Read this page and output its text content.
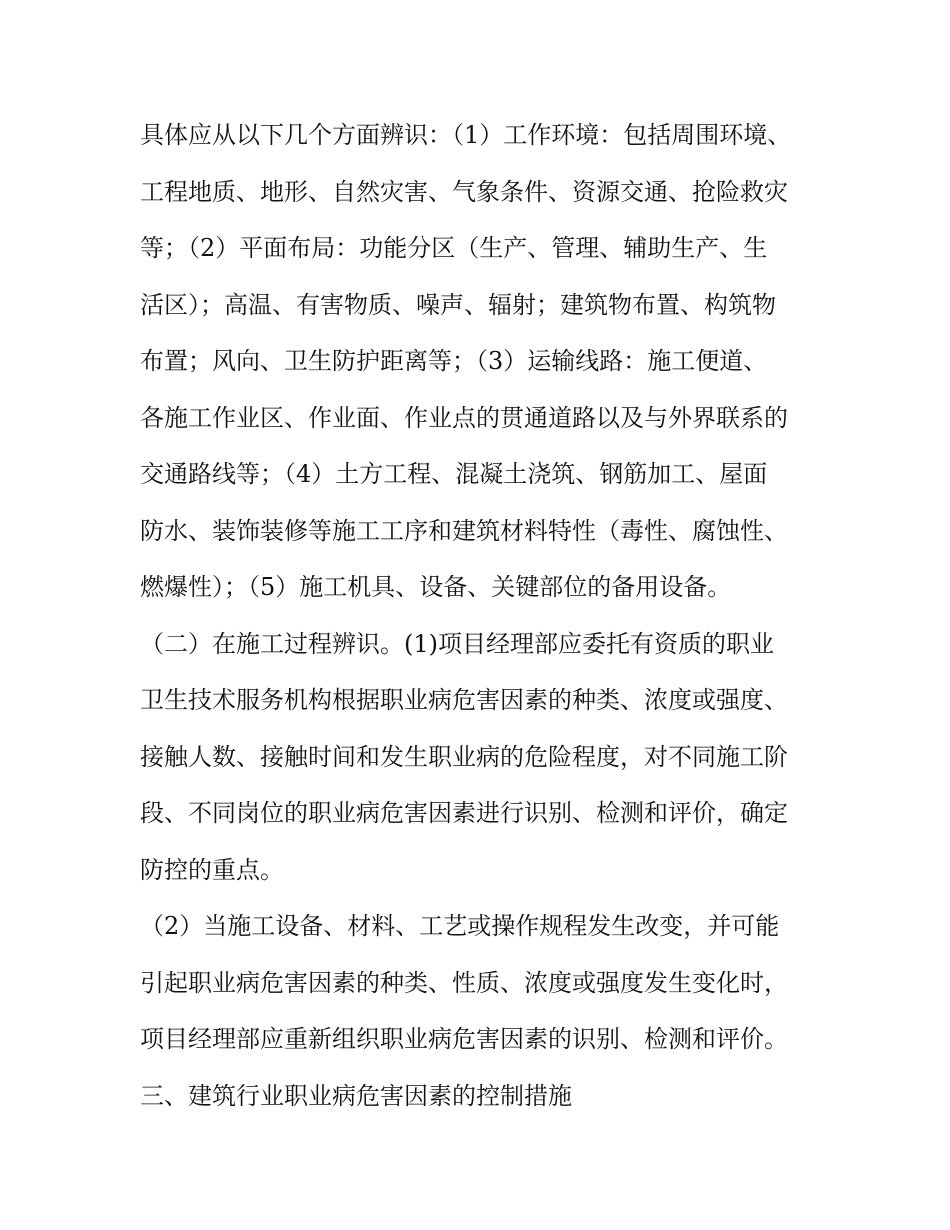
具体应从以下几个方面辨识：（1）工作环境：包括周围环境、
工程地质、地形、自然灾害、气象条件、资源交通、抢险救灾
等；（2）平面布局：功能分区（生产、管理、辅助生产、生
活区）；高温、有害物质、噪声、辐射；建筑物布置、构筑物
布置；风向、卫生防护距离等；（3）运输线路：施工便道、
各施工作业区、作业面、作业点的贯通道路以及与外界联系的
交通路线等；（4）土方工程、混凝土浇筑、钢筋加工、屋面
防水、装饰装修等施工工序和建筑材料特性（毒性、腐蚀性、
燃爆性）；（5）施工机具、设备、关键部位的备用设备。
（二）在施工过程辨识。(1)项目经理部应委托有资质的职业
卫生技术服务机构根据职业病危害因素的种类、浓度或强度、
接触人数、接触时间和发生职业病的危险程度，对不同施工阶
段、不同岗位的职业病危害因素进行识别、检测和评价，确定
防控的重点。
（2）当施工设备、材料、工艺或操作规程发生改变，并可能
引起职业病危害因素的种类、性质、浓度或强度发生变化时，
项目经理部应重新组织职业病危害因素的识别、检测和评价。
三、建筑行业职业病危害因素的控制措施
